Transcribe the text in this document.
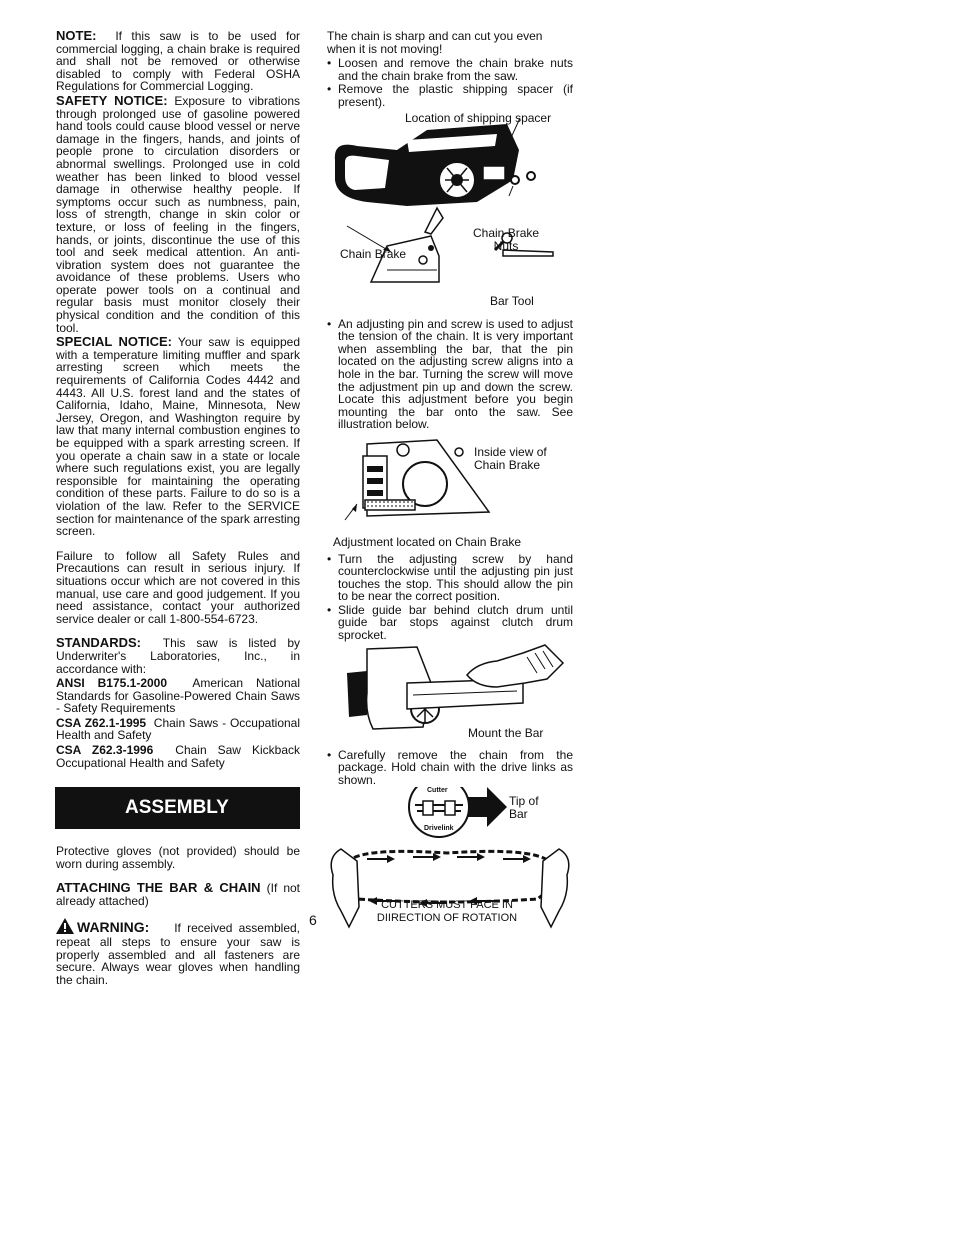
NOTE: If this saw is to be used for commercial logging, a chain brake is required and shall not be removed or otherwise disabled to comply with Federal OSHA Regulations for Commercial Logging.

SAFETY NOTICE: Exposure to vibrations through prolonged use of gasoline powered hand tools could cause blood vessel or nerve damage in the fingers, hands, and joints of people prone to circulation disorders or abnormal swellings. Prolonged use in cold weather has been linked to blood vessel damage in otherwise healthy people. If symptoms occur such as numbness, pain, loss of strength, change in skin color or texture, or loss of feeling in the fingers, hands, or joints, discontinue the use of this tool and seek medical attention. An anti-vibration system does not guarantee the avoidance of these problems. Users who operate power tools on a continual and regular basis must monitor closely their physical condition and the condition of this tool.

SPECIAL NOTICE: Your saw is equipped with a temperature limiting muffler and spark arresting screen which meets the requirements of California Codes 4442 and 4443. All U.S. forest land and the states of California, Idaho, Maine, Minnesota, New Jersey, Oregon, and Washington require by law that many internal combustion engines to be equipped with a spark arresting screen. If you operate a chain saw in a state or locale where such regulations exist, you are legally responsible for maintaining the operating condition of these parts. Failure to do so is a violation of the law. Refer to the SERVICE section for maintenance of the spark arresting screen.

Failure to follow all Safety Rules and Precautions can result in serious injury. If situations occur which are not covered in this manual, use care and good judgement. If you need assistance, contact your authorized service dealer or call 1-800-554-6723.

STANDARDS: This saw is listed by Underwriter's Laboratories, Inc., in accordance with:

ANSI B175.1-2000 American National Standards for Gasoline-Powered Chain Saws - Safety Requirements

CSA Z62.1-1995 Chain Saws - Occupational Health and Safety

CSA Z62.3-1996 Chain Saw Kickback Occupational Health and Safety

ASSEMBLY

Protective gloves (not provided) should be worn during assembly.

ATTACHING THE BAR & CHAIN (If not already attached)

WARNING: If received assembled, repeat all steps to ensure your saw is properly assembled and all fasteners are secure. Always wear gloves when handling the chain.

The chain is sharp and can cut you even when it is not moving!

• Loosen and remove the chain brake nuts and the chain brake from the saw.
• Remove the plastic shipping spacer (if present).
Location of shipping spacer
Chain Brake
Chain Brake
Nuts
Bar Tool
• An adjusting pin and screw is used to adjust the tension of the chain. It is very important when assembling the bar, that the pin located on the adjusting screw aligns into a hole in the bar. Turning the screw will move the adjustment pin up and down the screw. Locate this adjustment before you begin mounting the bar onto the saw. See illustration below.
Inside view of
Chain Brake

Adjustment located on Chain Brake

• Turn the adjusting screw by hand counterclockwise until the adjusting pin just touches the stop. This should allow the pin to be near the correct position.
• Slide guide bar behind clutch drum until guide bar stops against clutch drum sprocket.
Mount the Bar
• Carefully remove the chain from the package. Hold chain with the drive links as shown.
Cutter
Drivelink
Tip of
Bar
CUTTERS MUST FACE IN
DIIRECTION OF ROTATION
6
